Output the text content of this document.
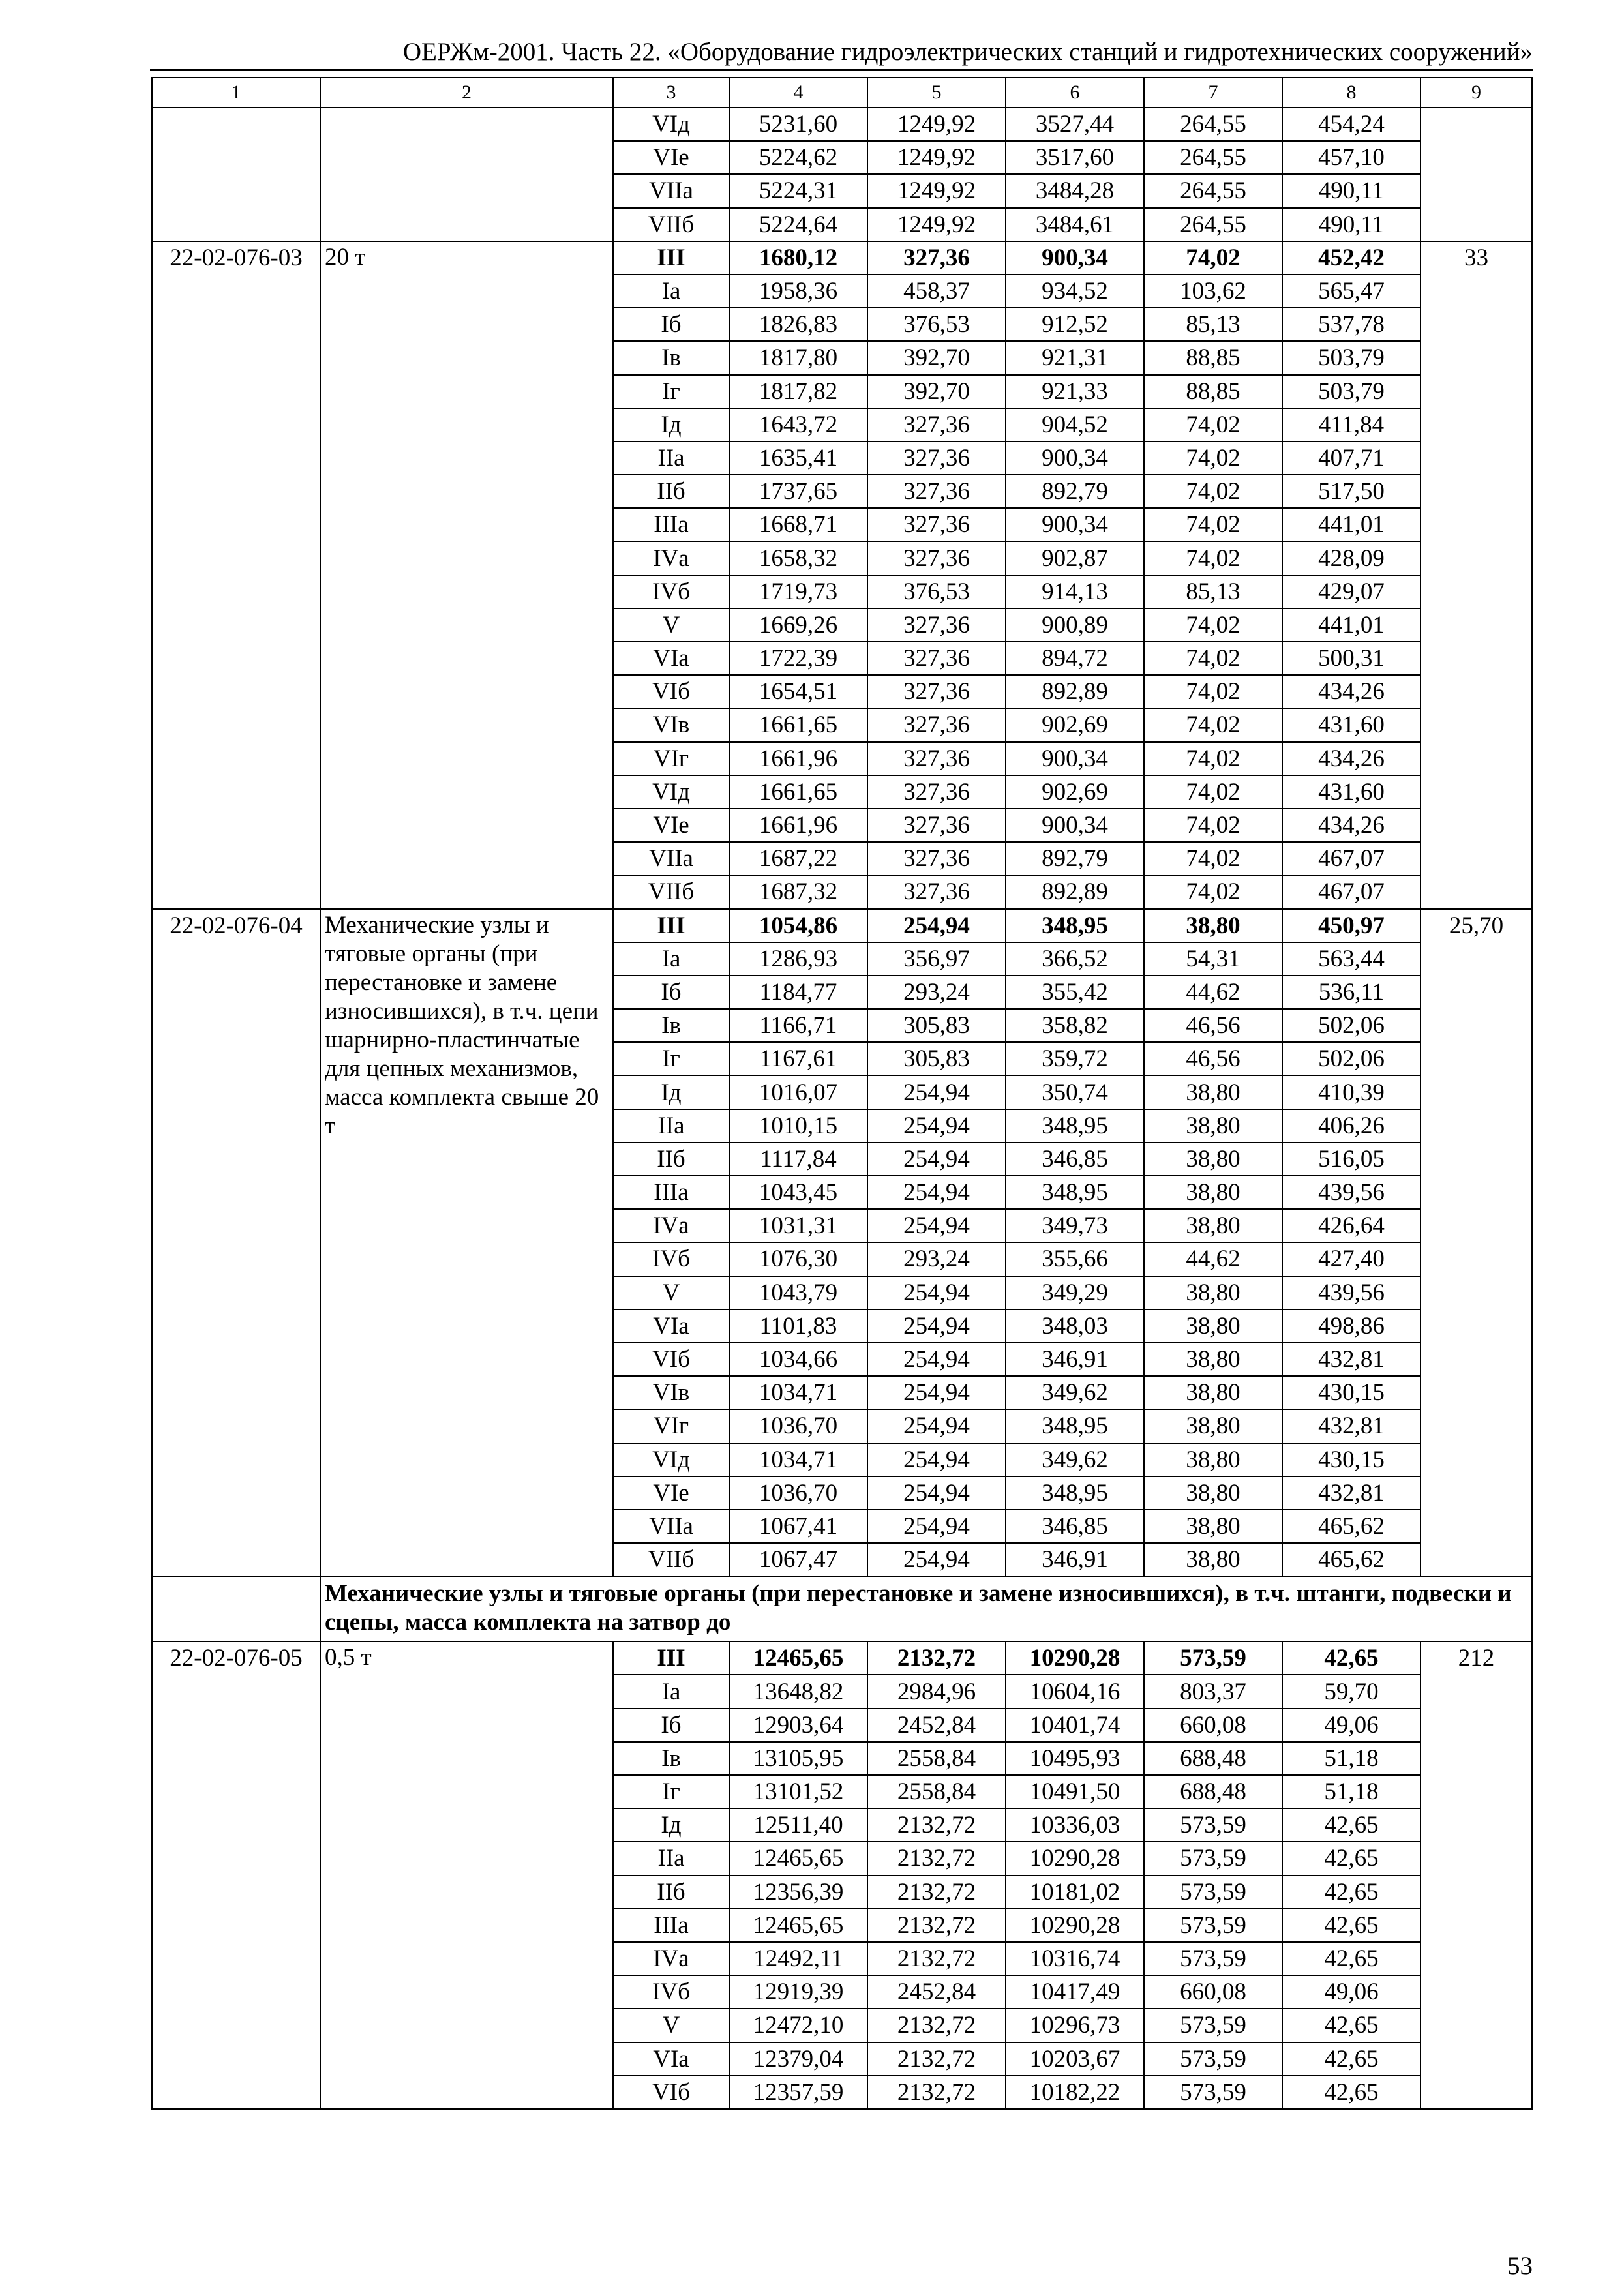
ОЕРЖм-2001. Часть 22. «Оборудование гидроэлектрических станций и гидротехнических сооружений»
1	2	3	4	5	6	7	8	9
		VIд	5231,60	1249,92	3527,44	264,55	454,24	
		VIе	5224,62	1249,92	3517,60	264,55	457,10	
		VIIа	5224,31	1249,92	3484,28	264,55	490,11	
		VIIб	5224,64	1249,92	3484,61	264,55	490,11	
22-02-076-03	20 т	III	1680,12	327,36	900,34	74,02	452,42	33
		Iа	1958,36	458,37	934,52	103,62	565,47	
		Iб	1826,83	376,53	912,52	85,13	537,78	
		Iв	1817,80	392,70	921,31	88,85	503,79	
		Iг	1817,82	392,70	921,33	88,85	503,79	
		Iд	1643,72	327,36	904,52	74,02	411,84	
		IIа	1635,41	327,36	900,34	74,02	407,71	
		IIб	1737,65	327,36	892,79	74,02	517,50	
		IIIа	1668,71	327,36	900,34	74,02	441,01	
		IVа	1658,32	327,36	902,87	74,02	428,09	
		IVб	1719,73	376,53	914,13	85,13	429,07	
		V	1669,26	327,36	900,89	74,02	441,01	
		VIа	1722,39	327,36	894,72	74,02	500,31	
		VIб	1654,51	327,36	892,89	74,02	434,26	
		VIв	1661,65	327,36	902,69	74,02	431,60	
		VIг	1661,96	327,36	900,34	74,02	434,26	
		VIд	1661,65	327,36	902,69	74,02	431,60	
		VIе	1661,96	327,36	900,34	74,02	434,26	
		VIIа	1687,22	327,36	892,79	74,02	467,07	
		VIIб	1687,32	327,36	892,89	74,02	467,07	
22-02-076-04	Механические узлы и тяговые органы (при перестановке и замене износившихся), в т.ч. цепи шарнирно-пластинчатые для цепных механизмов, масса комплекта свыше 20 т	III	1054,86	254,94	348,95	38,80	450,97	25,70
		Iа	1286,93	356,97	366,52	54,31	563,44	
		Iб	1184,77	293,24	355,42	44,62	536,11	
		Iв	1166,71	305,83	358,82	46,56	502,06	
		Iг	1167,61	305,83	359,72	46,56	502,06	
		Iд	1016,07	254,94	350,74	38,80	410,39	
		IIа	1010,15	254,94	348,95	38,80	406,26	
		IIб	1117,84	254,94	346,85	38,80	516,05	
		IIIа	1043,45	254,94	348,95	38,80	439,56	
		IVа	1031,31	254,94	349,73	38,80	426,64	
		IVб	1076,30	293,24	355,66	44,62	427,40	
		V	1043,79	254,94	349,29	38,80	439,56	
		VIа	1101,83	254,94	348,03	38,80	498,86	
		VIб	1034,66	254,94	346,91	38,80	432,81	
		VIв	1034,71	254,94	349,62	38,80	430,15	
		VIг	1036,70	254,94	348,95	38,80	432,81	
		VIд	1034,71	254,94	349,62	38,80	430,15	
		VIе	1036,70	254,94	348,95	38,80	432,81	
		VIIа	1067,41	254,94	346,85	38,80	465,62	
		VIIб	1067,47	254,94	346,91	38,80	465,62	
	Механические узлы и тяговые органы (при перестановке и замене износившихся), в т.ч. штанги, подвески и сцепы, масса комплекта на затвор до							
22-02-076-05	0,5 т	III	12465,65	2132,72	10290,28	573,59	42,65	212
		Iа	13648,82	2984,96	10604,16	803,37	59,70	
		Iб	12903,64	2452,84	10401,74	660,08	49,06	
		Iв	13105,95	2558,84	10495,93	688,48	51,18	
		Iг	13101,52	2558,84	10491,50	688,48	51,18	
		Iд	12511,40	2132,72	10336,03	573,59	42,65	
		IIа	12465,65	2132,72	10290,28	573,59	42,65	
		IIб	12356,39	2132,72	10181,02	573,59	42,65	
		IIIа	12465,65	2132,72	10290,28	573,59	42,65	
		IVа	12492,11	2132,72	10316,74	573,59	42,65	
		IVб	12919,39	2452,84	10417,49	660,08	49,06	
		V	12472,10	2132,72	10296,73	573,59	42,65	
		VIа	12379,04	2132,72	10203,67	573,59	42,65	
		VIб	12357,59	2132,72	10182,22	573,59	42,65	
53
